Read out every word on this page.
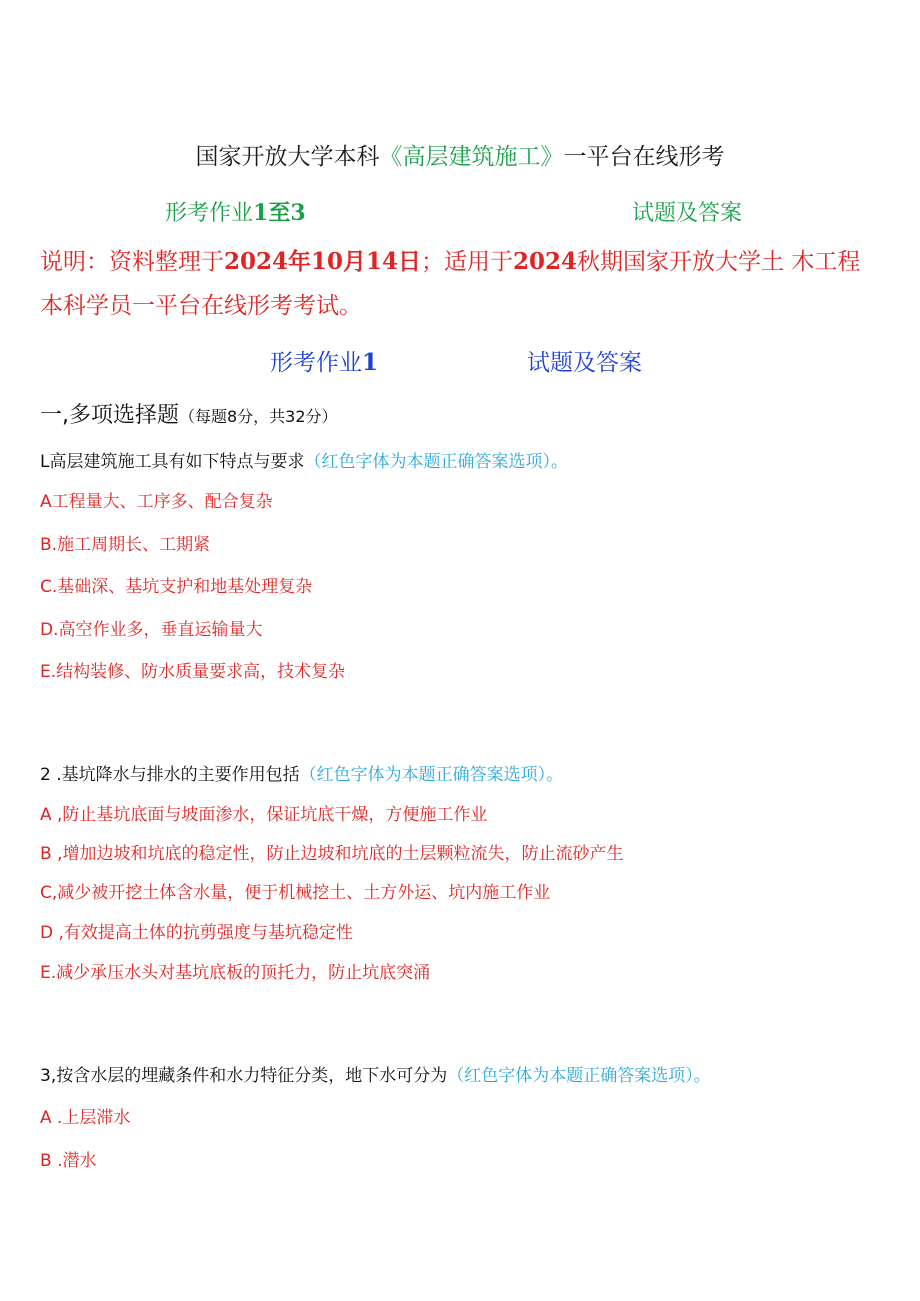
国家开放大学本科《高层建筑施工》一平台在线形考
形考作业1至3	试题及答案
说明：资料整理于2024年10月14日；适用于2024秋期国家开放大学土 木工程本科学员一平台在线形考考试。
形考作业1	试题及答案
一,多项选择题（每题8分，共32分）
L高层建筑施工具有如下特点与要求（红色字体为本题正确答案选项）。
A工程量大、工序多、配合复杂
B.施工周期长、工期紧
C.基础深、基坑支护和地基处理复杂
D.高空作业多，垂直运输量大
E.结构装修、防水质量要求高，技术复杂
2 .基坑降水与排水的主要作用包括（红色字体为本题正确答案选项）。
A ,防止基坑底面与坡面渗水，保证坑底干燥，方便施工作业
B ,增加边坡和坑底的稳定性，防止边坡和坑底的土层颗粒流失，防止流砂产生
C,减少被开挖土体含水量，便于机械挖土、土方外运、坑内施工作业
D ,有效提高土体的抗剪强度与基坑稳定性
E.减少承压水头对基坑底板的顶托力，防止坑底突涌
3,按含水层的埋藏条件和水力特征分类，地下水可分为（红色字体为本题正确答案选项）。
A .上层滞水
B .潜水
